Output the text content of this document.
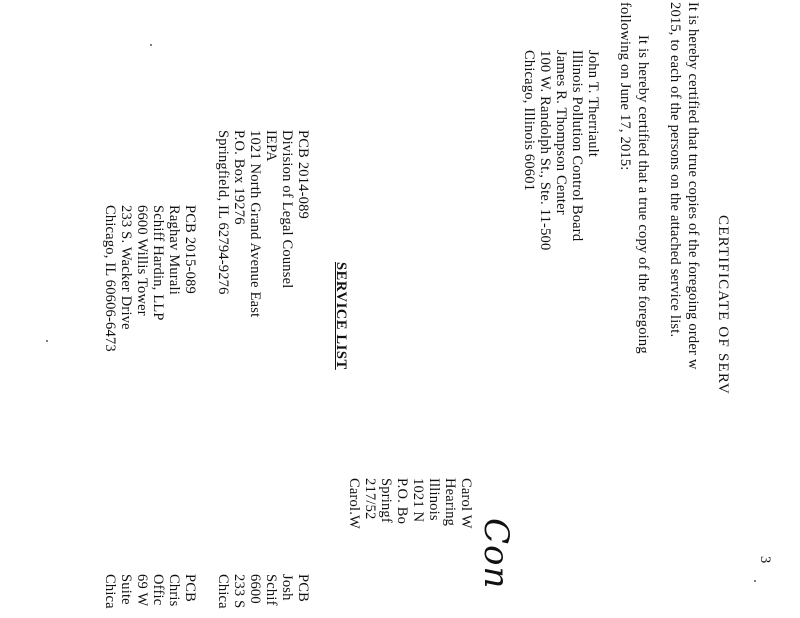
3
CERTIFICATE OF SERV
It is hereby certified that true copies of the foregoing order w
2015, to each of the persons on the attached service list.
It is hereby certified that a true copy of the foregoing
following on June 17, 2015:
John T. Therriault
Illinois Pollution Control Board
James R. Thompson Center
100 W. Randolph St., Ste. 11-500
Chicago, Illinois 60601
Con
Carol W
Hearing
Illinois
1021 N
P.O. Bo
Springf
217/52
Carol.W
SERVICE LIST
PCB 2014-089
Division of Legal Counsel
IEPA
1021 North Grand Avenue East
P.O. Box 19276
Springfield, IL 62794-9276
PCB
Josh
Schif
6600
233 S
Chica
PCB 2015-089
Raghav Murali
Schiff Hardin, LLP
6600 Willis Tower
233 S. Wacker Drive
Chicago, IL 60606-6473
PCB
Chris
Offic
69 W
Suite
Chica
